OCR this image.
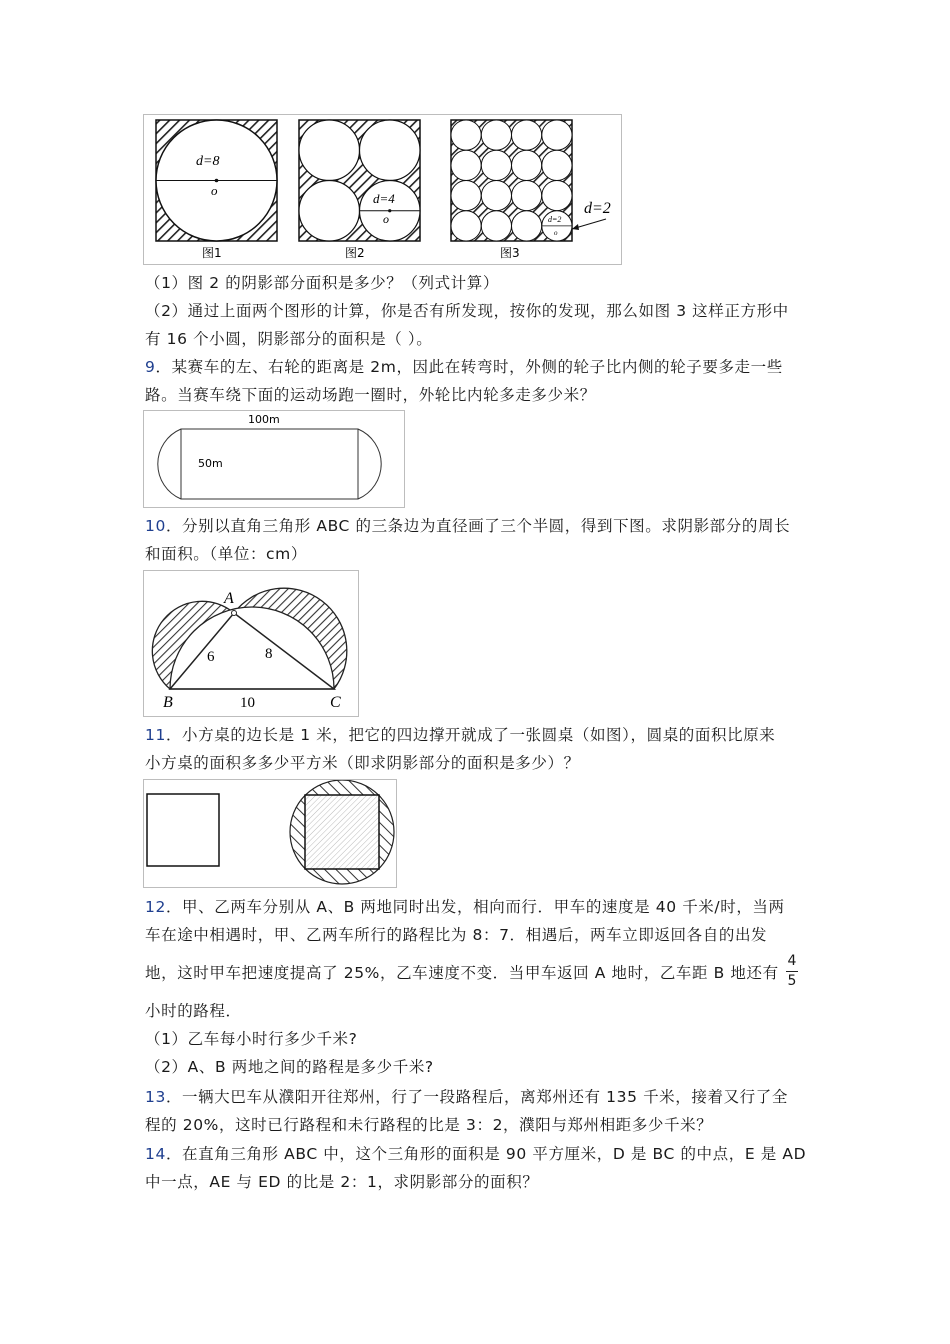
d=8
o
图1
d=4
o
图2
d=2
o
d=2
图3
（1）图 2 的阴影部分面积是多少？（列式计算）
（2）通过上面两个图形的计算，你是否有所发现，按你的发现，那么如图 3 这样正方形中
有 16 个小圆，阴影部分的面积是（ ）。
9．某赛车的左、右轮的距离是 2m，因此在转弯时，外侧的轮子比内侧的轮子要多走一些
路。当赛车绕下面的运动场跑一圈时，外轮比内轮多走多少米？
100m
50m
10．分别以直角三角形 ABC 的三条边为直径画了三个半圆，得到下图。求阴影部分的周长
和面积。（单位：cm）
A
B	C
6	8
10
11．小方桌的边长是 1 米，把它的四边撑开就成了一张圆桌（如图），圆桌的面积比原来
小方桌的面积多多少平方米（即求阴影部分的面积是多少）？
12．甲、乙两车分别从 A、B 两地同时出发，相向而行．甲车的速度是 40 千米/时，当两
车在途中相遇时，甲、乙两车所行的路程比为 8：7．相遇后，两车立即返回各自的出发
地，这时甲车把速度提高了 25%，乙车速度不变．当甲车返回 A 地时，乙车距 B 地还有
4
5
小时的路程．
（1）乙车每小时行多少千米?
（2）A、B 两地之间的路程是多少千米?
13．一辆大巴车从濮阳开往郑州，行了一段路程后，离郑州还有 135 千米，接着又行了全
程的 20%，这时已行路程和未行路程的比是 3：2，濮阳与郑州相距多少千米？
14．在直角三角形 ABC 中，这个三角形的面积是 90 平方厘米，D 是 BC 的中点，E 是 AD
中一点，AE 与 ED 的比是 2：1，求阴影部分的面积？
